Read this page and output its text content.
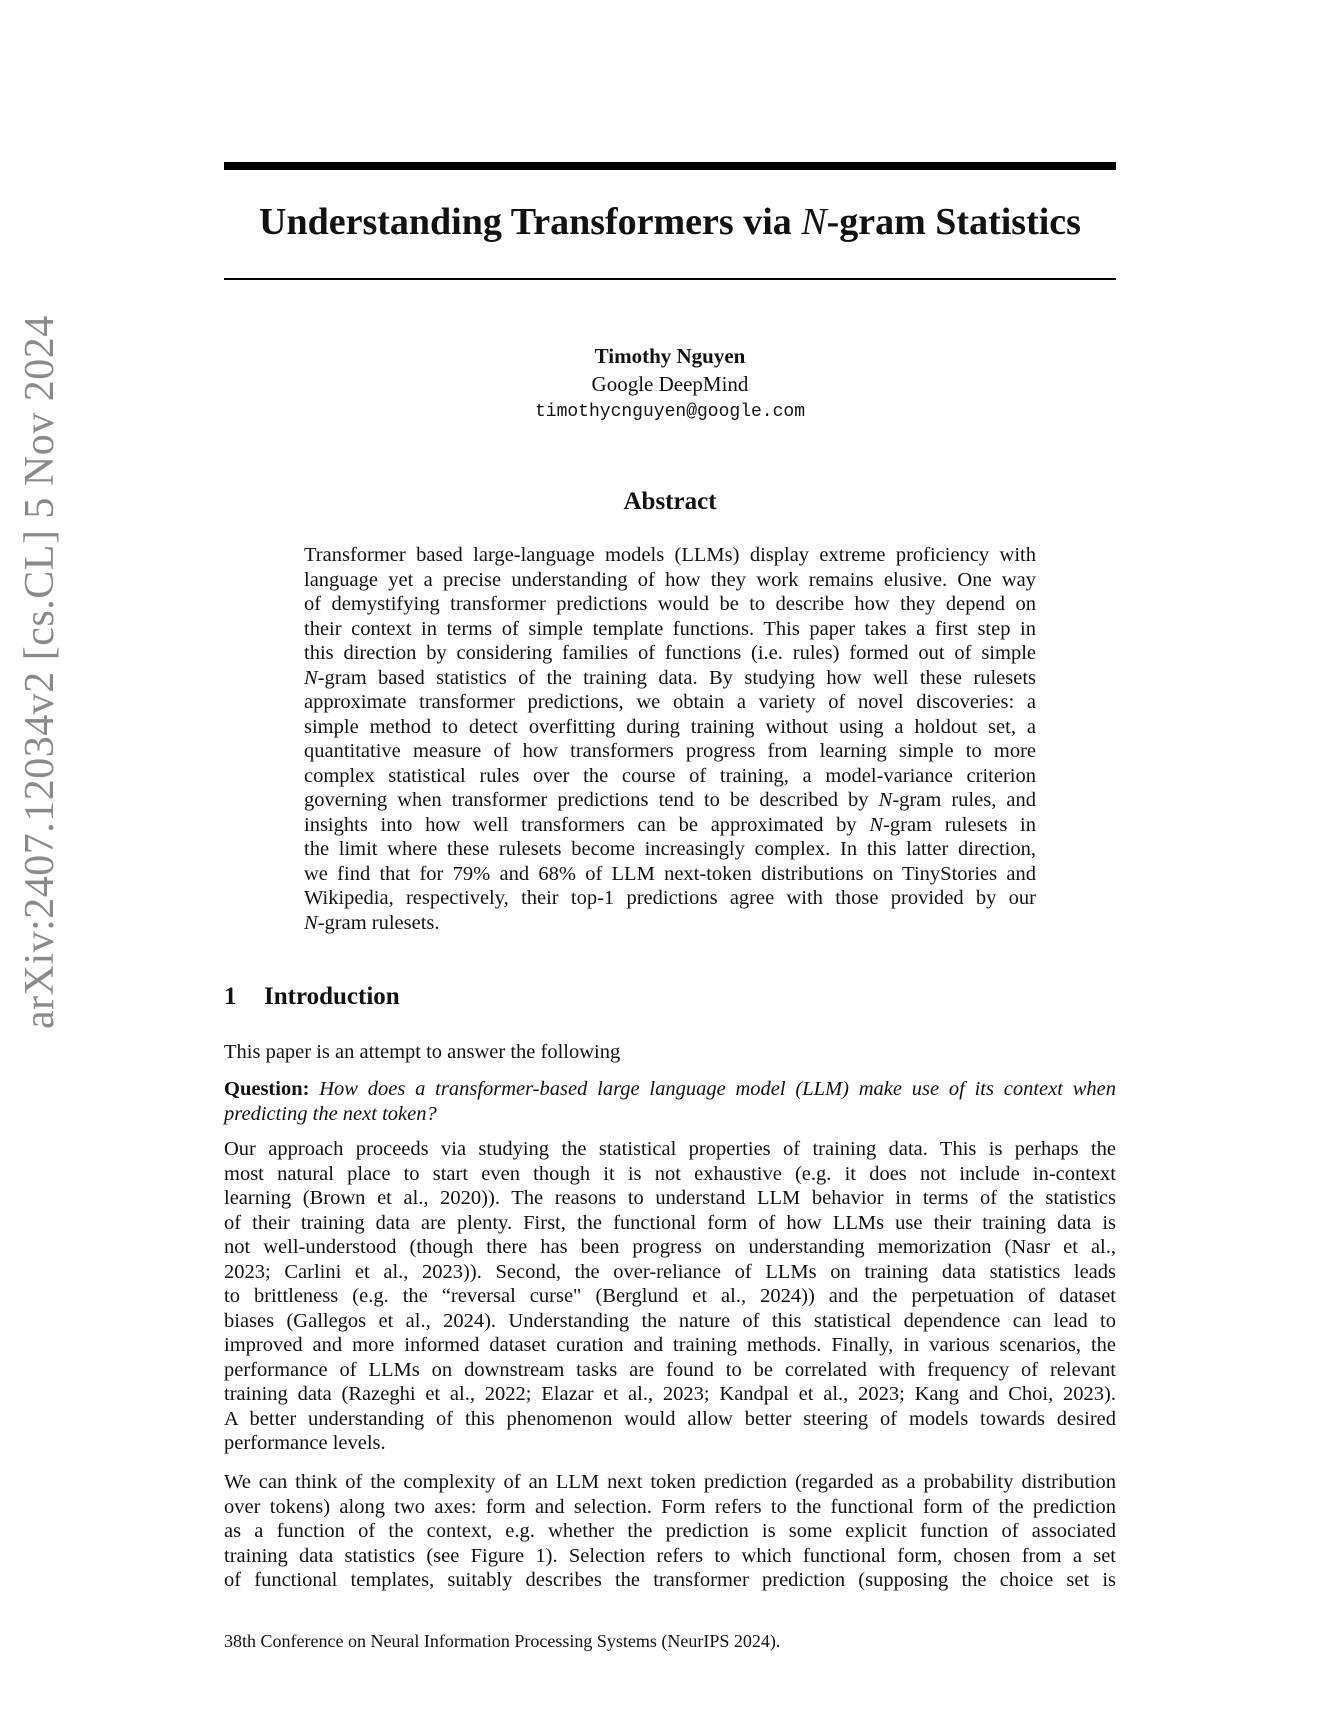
arXiv:2407.12034v2 [cs.CL] 5 Nov 2024
Understanding Transformers via N-gram Statistics
Timothy Nguyen
Google DeepMind
timothycnguyen@google.com
Abstract
Transformer based large-language models (LLMs) display extreme proficiency with
language yet a precise understanding of how they work remains elusive. One way
of demystifying transformer predictions would be to describe how they depend on
their context in terms of simple template functions. This paper takes a first step in
this direction by considering families of functions (i.e. rules) formed out of simple
N-gram based statistics of the training data. By studying how well these rulesets
approximate transformer predictions, we obtain a variety of novel discoveries: a
simple method to detect overfitting during training without using a holdout set, a
quantitative measure of how transformers progress from learning simple to more
complex statistical rules over the course of training, a model-variance criterion
governing when transformer predictions tend to be described by N-gram rules, and
insights into how well transformers can be approximated by N-gram rulesets in
the limit where these rulesets become increasingly complex. In this latter direction,
we find that for 79% and 68% of LLM next-token distributions on TinyStories and
Wikipedia, respectively, their top-1 predictions agree with those provided by our
N-gram rulesets.
1 Introduction
This paper is an attempt to answer the following
Question: How does a transformer-based large language model (LLM) make use of its context when
predicting the next token?
Our approach proceeds via studying the statistical properties of training data. This is perhaps the
most natural place to start even though it is not exhaustive (e.g. it does not include in-context
learning (Brown et al., 2020)). The reasons to understand LLM behavior in terms of the statistics
of their training data are plenty. First, the functional form of how LLMs use their training data is
not well-understood (though there has been progress on understanding memorization (Nasr et al.,
2023; Carlini et al., 2023)). Second, the over-reliance of LLMs on training data statistics leads
to brittleness (e.g. the “reversal curse" (Berglund et al., 2024)) and the perpetuation of dataset
biases (Gallegos et al., 2024). Understanding the nature of this statistical dependence can lead to
improved and more informed dataset curation and training methods. Finally, in various scenarios, the
performance of LLMs on downstream tasks are found to be correlated with frequency of relevant
training data (Razeghi et al., 2022; Elazar et al., 2023; Kandpal et al., 2023; Kang and Choi, 2023).
A better understanding of this phenomenon would allow better steering of models towards desired
performance levels.
We can think of the complexity of an LLM next token prediction (regarded as a probability distribution
over tokens) along two axes: form and selection. Form refers to the functional form of the prediction
as a function of the context, e.g. whether the prediction is some explicit function of associated
training data statistics (see Figure 1). Selection refers to which functional form, chosen from a set
of functional templates, suitably describes the transformer prediction (supposing the choice set is
38th Conference on Neural Information Processing Systems (NeurIPS 2024).
